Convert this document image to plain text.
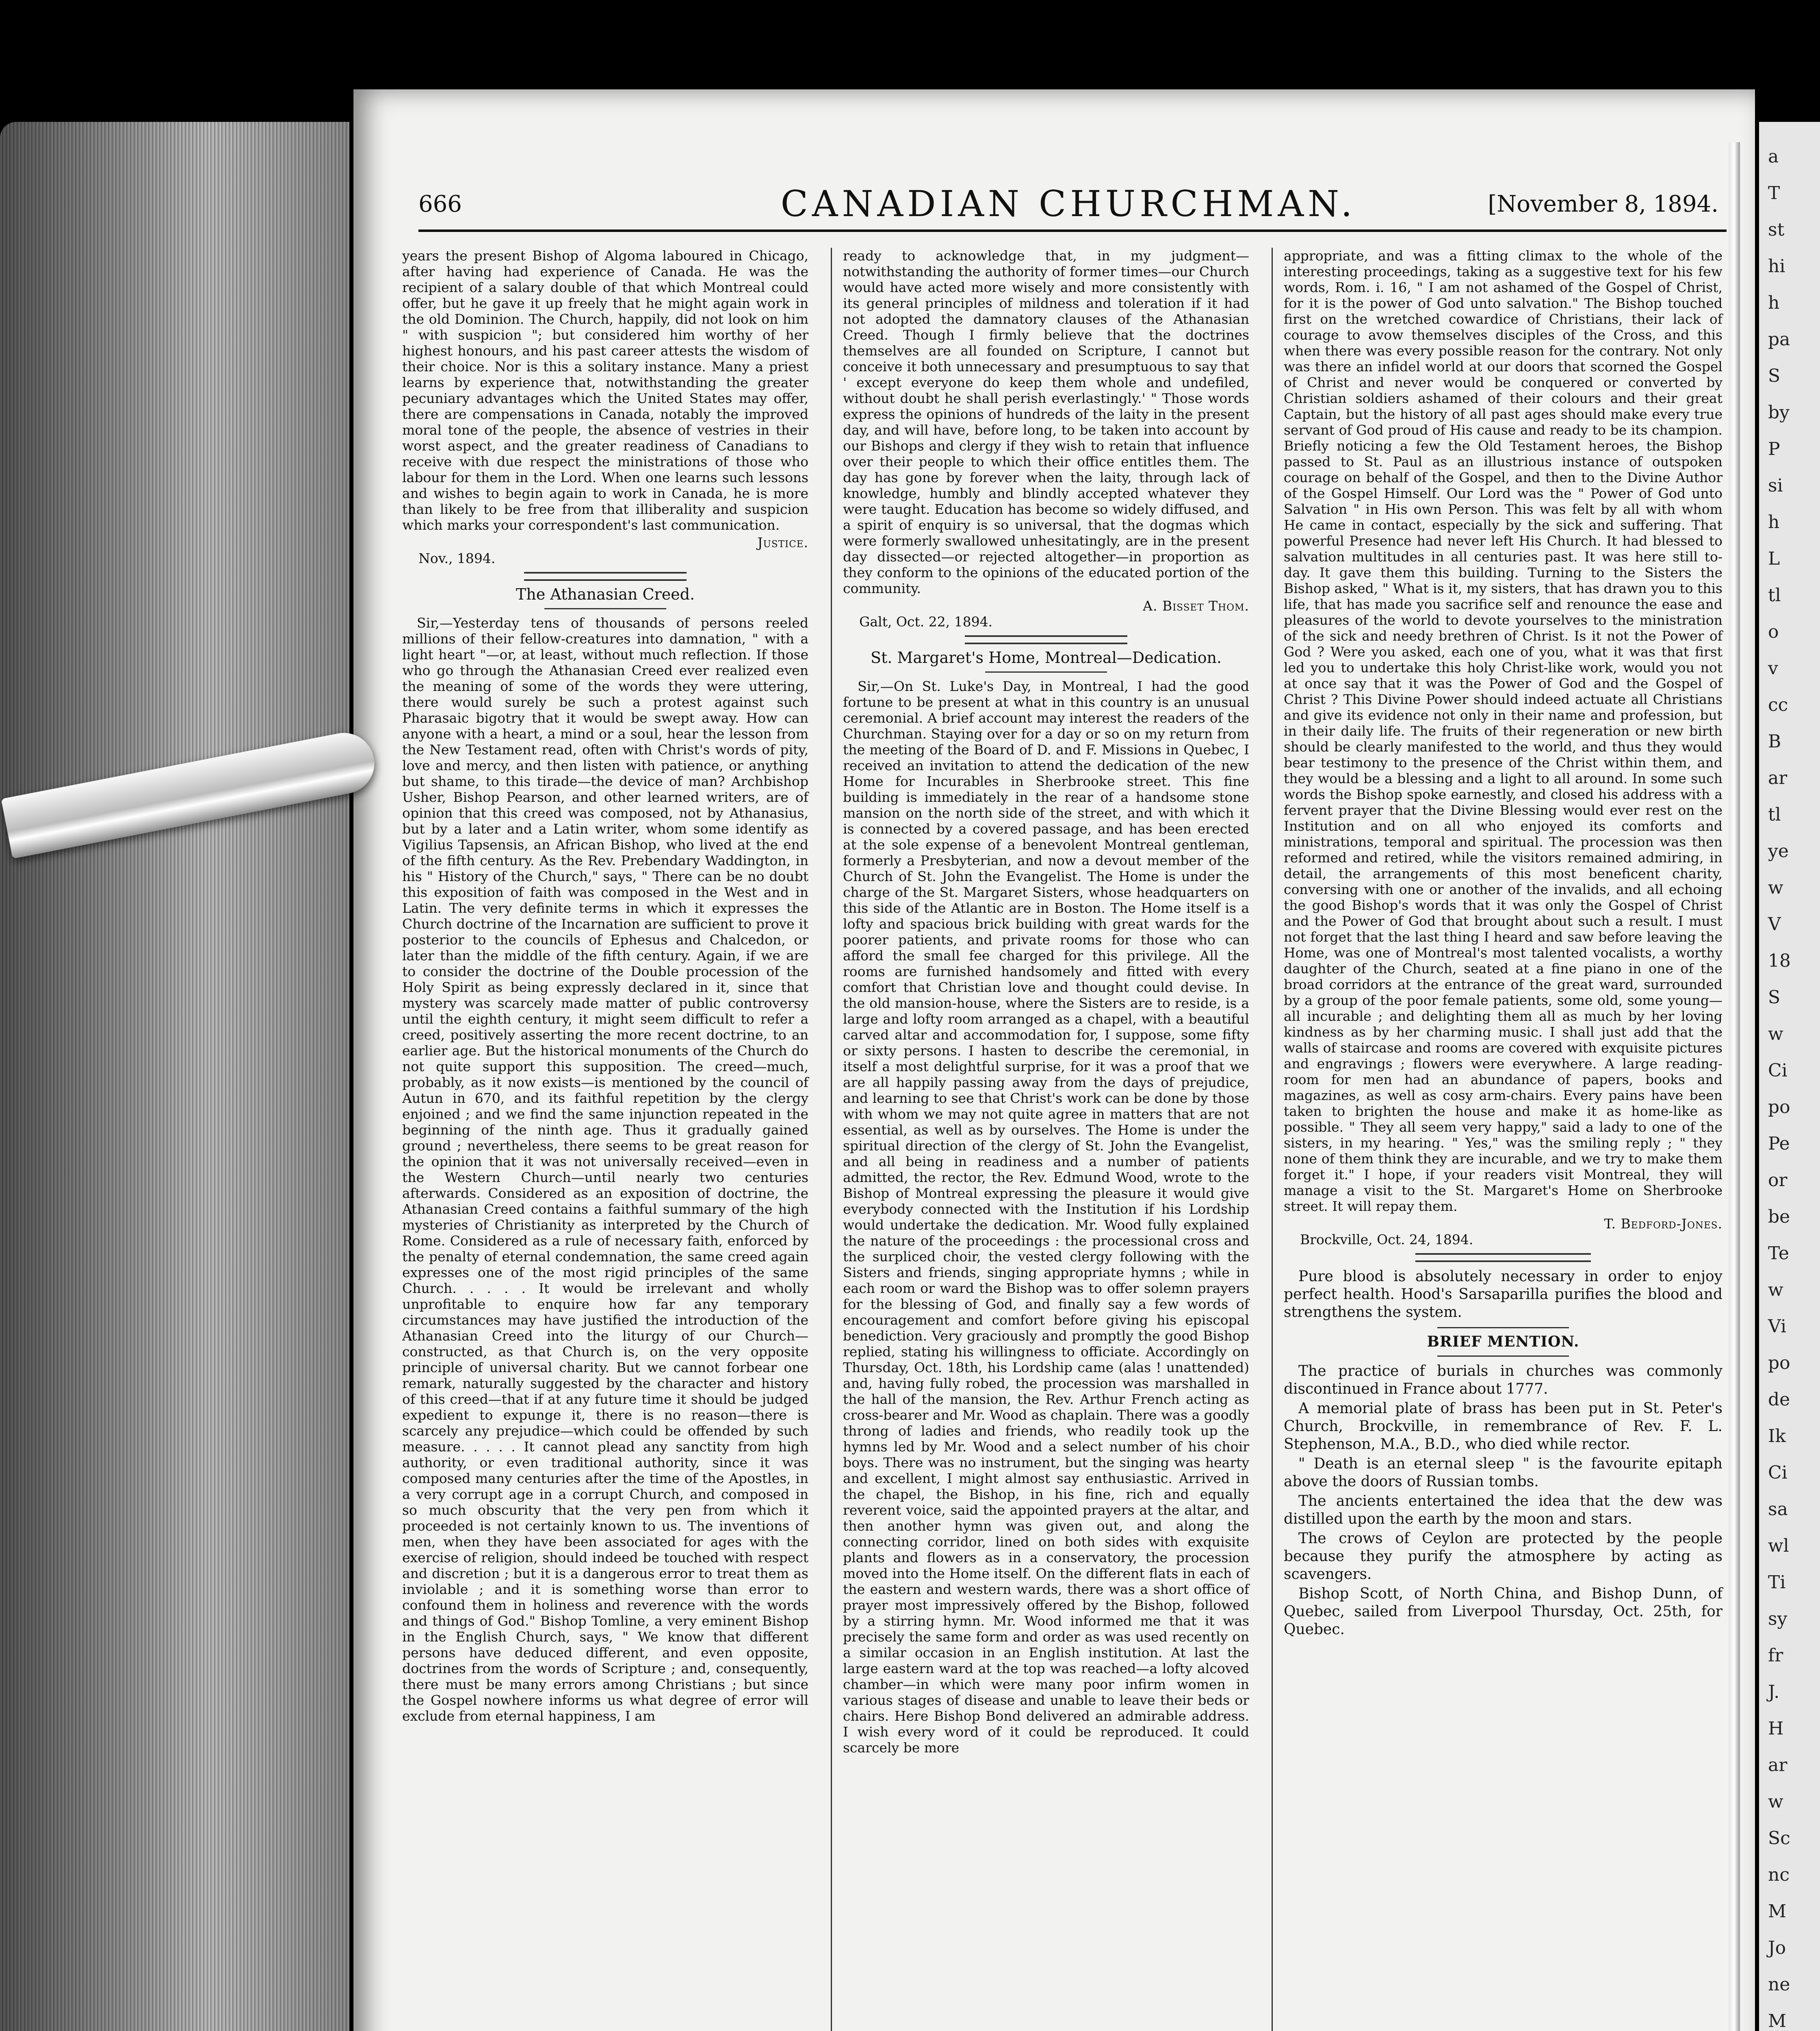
666	CANADIAN CHURCHMAN.	[November 8, 1894.

years the present Bishop of Algoma laboured in Chicago, after having had experience of Canada. He was the recipient of a salary double of that which Montreal could offer, but he gave it up freely that he might again work in the old Dominion. The Church, happily, did not look on him " with suspicion "; but considered him worthy of her highest honours, and his past career attests the wisdom of their choice. Nor is this a solitary instance. Many a priest learns by experience that, notwithstanding the greater pecuniary advantages which the United States may offer, there are compensations in Canada, notably the improved moral tone of the people, the absence of vestries in their worst aspect, and the greater readiness of Canadians to receive with due respect the ministrations of those who labour for them in the Lord. When one learns such lessons and wishes to begin again to work in Canada, he is more than likely to be free from that illiberality and suspicion which marks your correspondent's last communication.

Justice.
Nov., 1894.
The Athanasian Creed.

Sir,—Yesterday tens of thousands of persons reeled millions of their fellow-creatures into damnation, " with a light heart "—or, at least, without much reflection. If those who go through the Athanasian Creed ever realized even the meaning of some of the words they were uttering, there would surely be such a protest against such Pharasaic bigotry that it would be swept away. How can anyone with a heart, a mind or a soul, hear the lesson from the New Testament read, often with Christ's words of pity, love and mercy, and then listen with patience, or anything but shame, to this tirade—the device of man? Archbishop Usher, Bishop Pearson, and other learned writers, are of opinion that this creed was composed, not by Athanasius, but by a later and a Latin writer, whom some identify as Vigilius Tapsensis, an African Bishop, who lived at the end of the fifth century. As the Rev. Prebendary Waddington, in his " History of the Church," says, " There can be no doubt this exposition of faith was composed in the West and in Latin. The very definite terms in which it expresses the Church doctrine of the Incarnation are sufficient to prove it posterior to the councils of Ephesus and Chalcedon, or later than the middle of the fifth century. Again, if we are to consider the doctrine of the Double procession of the Holy Spirit as being expressly declared in it, since that mystery was scarcely made matter of public controversy until the eighth century, it might seem difficult to refer a creed, positively asserting the more recent doctrine, to an earlier age. But the historical monuments of the Church do not quite support this supposition. The creed—much, probably, as it now exists—is mentioned by the council of Autun in 670, and its faithful repetition by the clergy enjoined ; and we find the same injunction repeated in the beginning of the ninth age. Thus it gradually gained ground ; nevertheless, there seems to be great reason for the opinion that it was not universally received—even in the Western Church—until nearly two centuries afterwards. Considered as an exposition of doctrine, the Athanasian Creed contains a faithful summary of the high mysteries of Christianity as interpreted by the Church of Rome. Considered as a rule of necessary faith, enforced by the penalty of eternal condemnation, the same creed again expresses one of the most rigid principles of the same Church. . . . . It would be irrelevant and wholly unprofitable to enquire how far any temporary circumstances may have justified the introduction of the Athanasian Creed into the liturgy of our Church—constructed, as that Church is, on the very opposite principle of universal charity. But we cannot forbear one remark, naturally suggested by the character and history of this creed—that if at any future time it should be judged expedient to expunge it, there is no reason—there is scarcely any prejudice—which could be offended by such measure. . . . . It cannot plead any sanctity from high authority, or even traditional authority, since it was composed many centuries after the time of the Apostles, in a very corrupt age in a corrupt Church, and composed in so much obscurity that the very pen from which it proceeded is not certainly known to us. The inventions of men, when they have been associated for ages with the exercise of religion, should indeed be touched with respect and discretion ; but it is a dangerous error to treat them as inviolable ; and it is something worse than error to confound them in holiness and reverence with the words and things of God." Bishop Tomline, a very eminent Bishop in the English Church, says, " We know that different persons have deduced different, and even opposite, doctrines from the words of Scripture ; and, consequently, there must be many errors among Christians ; but since the Gospel nowhere informs us what degree of error will exclude from eternal happiness, I am

ready to acknowledge that, in my judgment—notwithstanding the authority of former times—our Church would have acted more wisely and more consistently with its general principles of mildness and toleration if it had not adopted the damnatory clauses of the Athanasian Creed. Though I firmly believe that the doctrines themselves are all founded on Scripture, I cannot but conceive it both unnecessary and presumptuous to say that ' except everyone do keep them whole and undefiled, without doubt he shall perish everlastingly.' " Those words express the opinions of hundreds of the laity in the present day, and will have, before long, to be taken into account by our Bishops and clergy if they wish to retain that influence over their people to which their office entitles them. The day has gone by forever when the laity, through lack of knowledge, humbly and blindly accepted whatever they were taught. Education has become so widely diffused, and a spirit of enquiry is so universal, that the dogmas which were formerly swallowed unhesitatingly, are in the present day dissected—or rejected altogether—in proportion as they conform to the opinions of the educated portion of the community.

A. Bisset Thom.
Galt, Oct. 22, 1894.
St. Margaret's Home, Montreal—Dedication.

Sir,—On St. Luke's Day, in Montreal, I had the good fortune to be present at what in this country is an unusual ceremonial. A brief account may interest the readers of the Churchman. Staying over for a day or so on my return from the meeting of the Board of D. and F. Missions in Quebec, I received an invitation to attend the dedication of the new Home for Incurables in Sherbrooke street. This fine building is immediately in the rear of a handsome stone mansion on the north side of the street, and with which it is connected by a covered passage, and has been erected at the sole expense of a benevolent Montreal gentleman, formerly a Presbyterian, and now a devout member of the Church of St. John the Evangelist. The Home is under the charge of the St. Margaret Sisters, whose headquarters on this side of the Atlantic are in Boston. The Home itself is a lofty and spacious brick building with great wards for the poorer patients, and private rooms for those who can afford the small fee charged for this privilege. All the rooms are furnished handsomely and fitted with every comfort that Christian love and thought could devise. In the old mansion-house, where the Sisters are to reside, is a large and lofty room arranged as a chapel, with a beautiful carved altar and accommodation for, I suppose, some fifty or sixty persons. I hasten to describe the ceremonial, in itself a most delightful surprise, for it was a proof that we are all happily passing away from the days of prejudice, and learning to see that Christ's work can be done by those with whom we may not quite agree in matters that are not essential, as well as by ourselves. The Home is under the spiritual direction of the clergy of St. John the Evangelist, and all being in readiness and a number of patients admitted, the rector, the Rev. Edmund Wood, wrote to the Bishop of Montreal expressing the pleasure it would give everybody connected with the Institution if his Lordship would undertake the dedication. Mr. Wood fully explained the nature of the proceedings : the processional cross and the surpliced choir, the vested clergy following with the Sisters and friends, singing appropriate hymns ; while in each room or ward the Bishop was to offer solemn prayers for the blessing of God, and finally say a few words of encouragement and comfort before giving his episcopal benediction. Very graciously and promptly the good Bishop replied, stating his willingness to officiate. Accordingly on Thursday, Oct. 18th, his Lordship came (alas ! unattended) and, having fully robed, the procession was marshalled in the hall of the mansion, the Rev. Arthur French acting as cross-bearer and Mr. Wood as chaplain. There was a goodly throng of ladies and friends, who readily took up the hymns led by Mr. Wood and a select number of his choir boys. There was no instrument, but the singing was hearty and excellent, I might almost say enthusiastic. Arrived in the chapel, the Bishop, in his fine, rich and equally reverent voice, said the appointed prayers at the altar, and then another hymn was given out, and along the connecting corridor, lined on both sides with exquisite plants and flowers as in a conservatory, the procession moved into the Home itself. On the different flats in each of the eastern and western wards, there was a short office of prayer most impressively offered by the Bishop, followed by a stirring hymn. Mr. Wood informed me that it was precisely the same form and order as was used recently on a similar occasion in an English institution. At last the large eastern ward at the top was reached—a lofty alcoved chamber—in which were many poor infirm women in various stages of disease and unable to leave their beds or chairs. Here Bishop Bond delivered an admirable address. I wish every word of it could be reproduced. It could scarcely be more

appropriate, and was a fitting climax to the whole of the interesting proceedings, taking as a suggestive text for his few words, Rom. i. 16, " I am not ashamed of the Gospel of Christ, for it is the power of God unto salvation." The Bishop touched first on the wretched cowardice of Christians, their lack of courage to avow themselves disciples of the Cross, and this when there was every possible reason for the contrary. Not only was there an infidel world at our doors that scorned the Gospel of Christ and never would be conquered or converted by Christian soldiers ashamed of their colours and their great Captain, but the history of all past ages should make every true servant of God proud of His cause and ready to be its champion. Briefly noticing a few the Old Testament heroes, the Bishop passed to St. Paul as an illustrious instance of outspoken courage on behalf of the Gospel, and then to the Divine Author of the Gospel Himself. Our Lord was the " Power of God unto Salvation " in His own Person. This was felt by all with whom He came in contact, especially by the sick and suffering. That powerful Presence had never left His Church. It had blessed to salvation multitudes in all centuries past. It was here still to-day. It gave them this building. Turning to the Sisters the Bishop asked, " What is it, my sisters, that has drawn you to this life, that has made you sacrifice self and renounce the ease and pleasures of the world to devote yourselves to the ministration of the sick and needy brethren of Christ. Is it not the Power of God ? Were you asked, each one of you, what it was that first led you to undertake this holy Christ-like work, would you not at once say that it was the Power of God and the Gospel of Christ ? This Divine Power should indeed actuate all Christians and give its evidence not only in their name and profession, but in their daily life. The fruits of their regeneration or new birth should be clearly manifested to the world, and thus they would bear testimony to the presence of the Christ within them, and they would be a blessing and a light to all around. In some such words the Bishop spoke earnestly, and closed his address with a fervent prayer that the Divine Blessing would ever rest on the Institution and on all who enjoyed its comforts and ministrations, temporal and spiritual. The procession was then reformed and retired, while the visitors remained admiring, in detail, the arrangements of this most beneficent charity, conversing with one or another of the invalids, and all echoing the good Bishop's words that it was only the Gospel of Christ and the Power of God that brought about such a result. I must not forget that the last thing I heard and saw before leaving the Home, was one of Montreal's most talented vocalists, a worthy daughter of the Church, seated at a fine piano in one of the broad corridors at the entrance of the great ward, surrounded by a group of the poor female patients, some old, some young—all incurable ; and delighting them all as much by her loving kindness as by her charming music. I shall just add that the walls of staircase and rooms are covered with exquisite pictures and engravings ; flowers were everywhere. A large reading-room for men had an abundance of papers, books and magazines, as well as cosy arm-chairs. Every pains have been taken to brighten the house and make it as home-like as possible. " They all seem very happy," said a lady to one of the sisters, in my hearing. " Yes," was the smiling reply ; " they none of them think they are incurable, and we try to make them forget it." I hope, if your readers visit Montreal, they will manage a visit to the St. Margaret's Home on Sherbrooke street. It will repay them.

T. Bedford-Jones.
Brockville, Oct. 24, 1894.

Pure blood is absolutely necessary in order to enjoy perfect health. Hood's Sarsaparilla purifies the blood and strengthens the system.

BRIEF MENTION.

The practice of burials in churches was commonly discontinued in France about 1777.

A memorial plate of brass has been put in St. Peter's Church, Brockville, in remembrance of Rev. F. L. Stephenson, M.A., B.D., who died while rector.

" Death is an eternal sleep " is the favourite epitaph above the doors of Russian tombs.

The ancients entertained the idea that the dew was distilled upon the earth by the moon and stars.

The crows of Ceylon are protected by the people because they purify the atmosphere by acting as scavengers.

Bishop Scott, of North China, and Bishop Dunn, of Quebec, sailed from Liverpool Thursday, Oct. 25th, for Quebec.

a
T
st
hi
h
pa
S
by
P
si
h
L
tl
o
v
cc
B
ar
tl
ye
w
V
18
S
w
Ci
po
Pe
or
be
Te
w
Vi
po
de
Ik
Ci
sa
wl
Ti
sy
fr
J.
H
ar
w
Sc
nc
M
Jo
ne
M
